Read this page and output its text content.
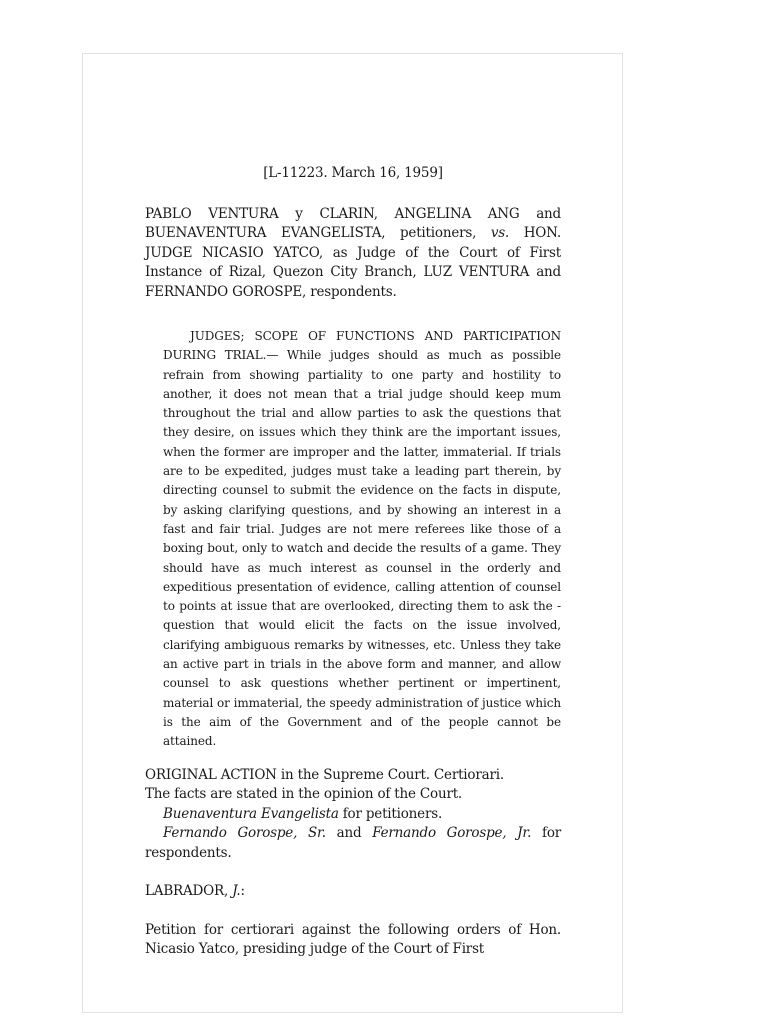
[L-11223. March 16, 1959]

PABLO VENTURA y CLARIN, ANGELINA ANG and BUENAVENTURA EVANGELISTA, petitioners, vs. HON. JUDGE NICASIO YATCO, as Judge of the Court of First Instance of Rizal, Quezon City Branch, LUZ VENTURA and FERNANDO GOROSPE, respondents.

JUDGES; SCOPE OF FUNCTIONS AND PARTICIPATION DURING TRIAL.— While judges should as much as possible refrain from showing partiality to one party and hostility to another, it does not mean that a trial judge should keep mum throughout the trial and allow parties to ask the questions that they desire, on issues which they think are the important issues, when the former are improper and the latter, immaterial. If trials are to be expedited, judges must take a leading part therein, by directing counsel to submit the evidence on the facts in dispute, by asking clarifying questions, and by showing an interest in a fast and fair trial. Judges are not mere referees like those of a boxing bout, only to watch and decide the results of a game. They should have as much interest as counsel in the orderly and expeditious presentation of evidence, calling attention of counsel to points at issue that are overlooked, directing them to ask the -question that would elicit the facts on the issue involved, clarifying ambiguous remarks by witnesses, etc. Unless they take an active part in trials in the above form and manner, and allow counsel to ask questions whether pertinent or impertinent, material or immaterial, the speedy administration of justice which is the aim of the Government and of the people cannot be attained.

ORIGINAL ACTION in the Supreme Court. Certiorari.

The facts are stated in the opinion of the Court.

Buenaventura Evangelista for petitioners.

Fernando Gorospe, Sr. and Fernando Gorospe, Jr. for respondents.

LABRADOR, J.:

Petition for certiorari against the following orders of Hon. Nicasio Yatco, presiding judge of the Court of First
